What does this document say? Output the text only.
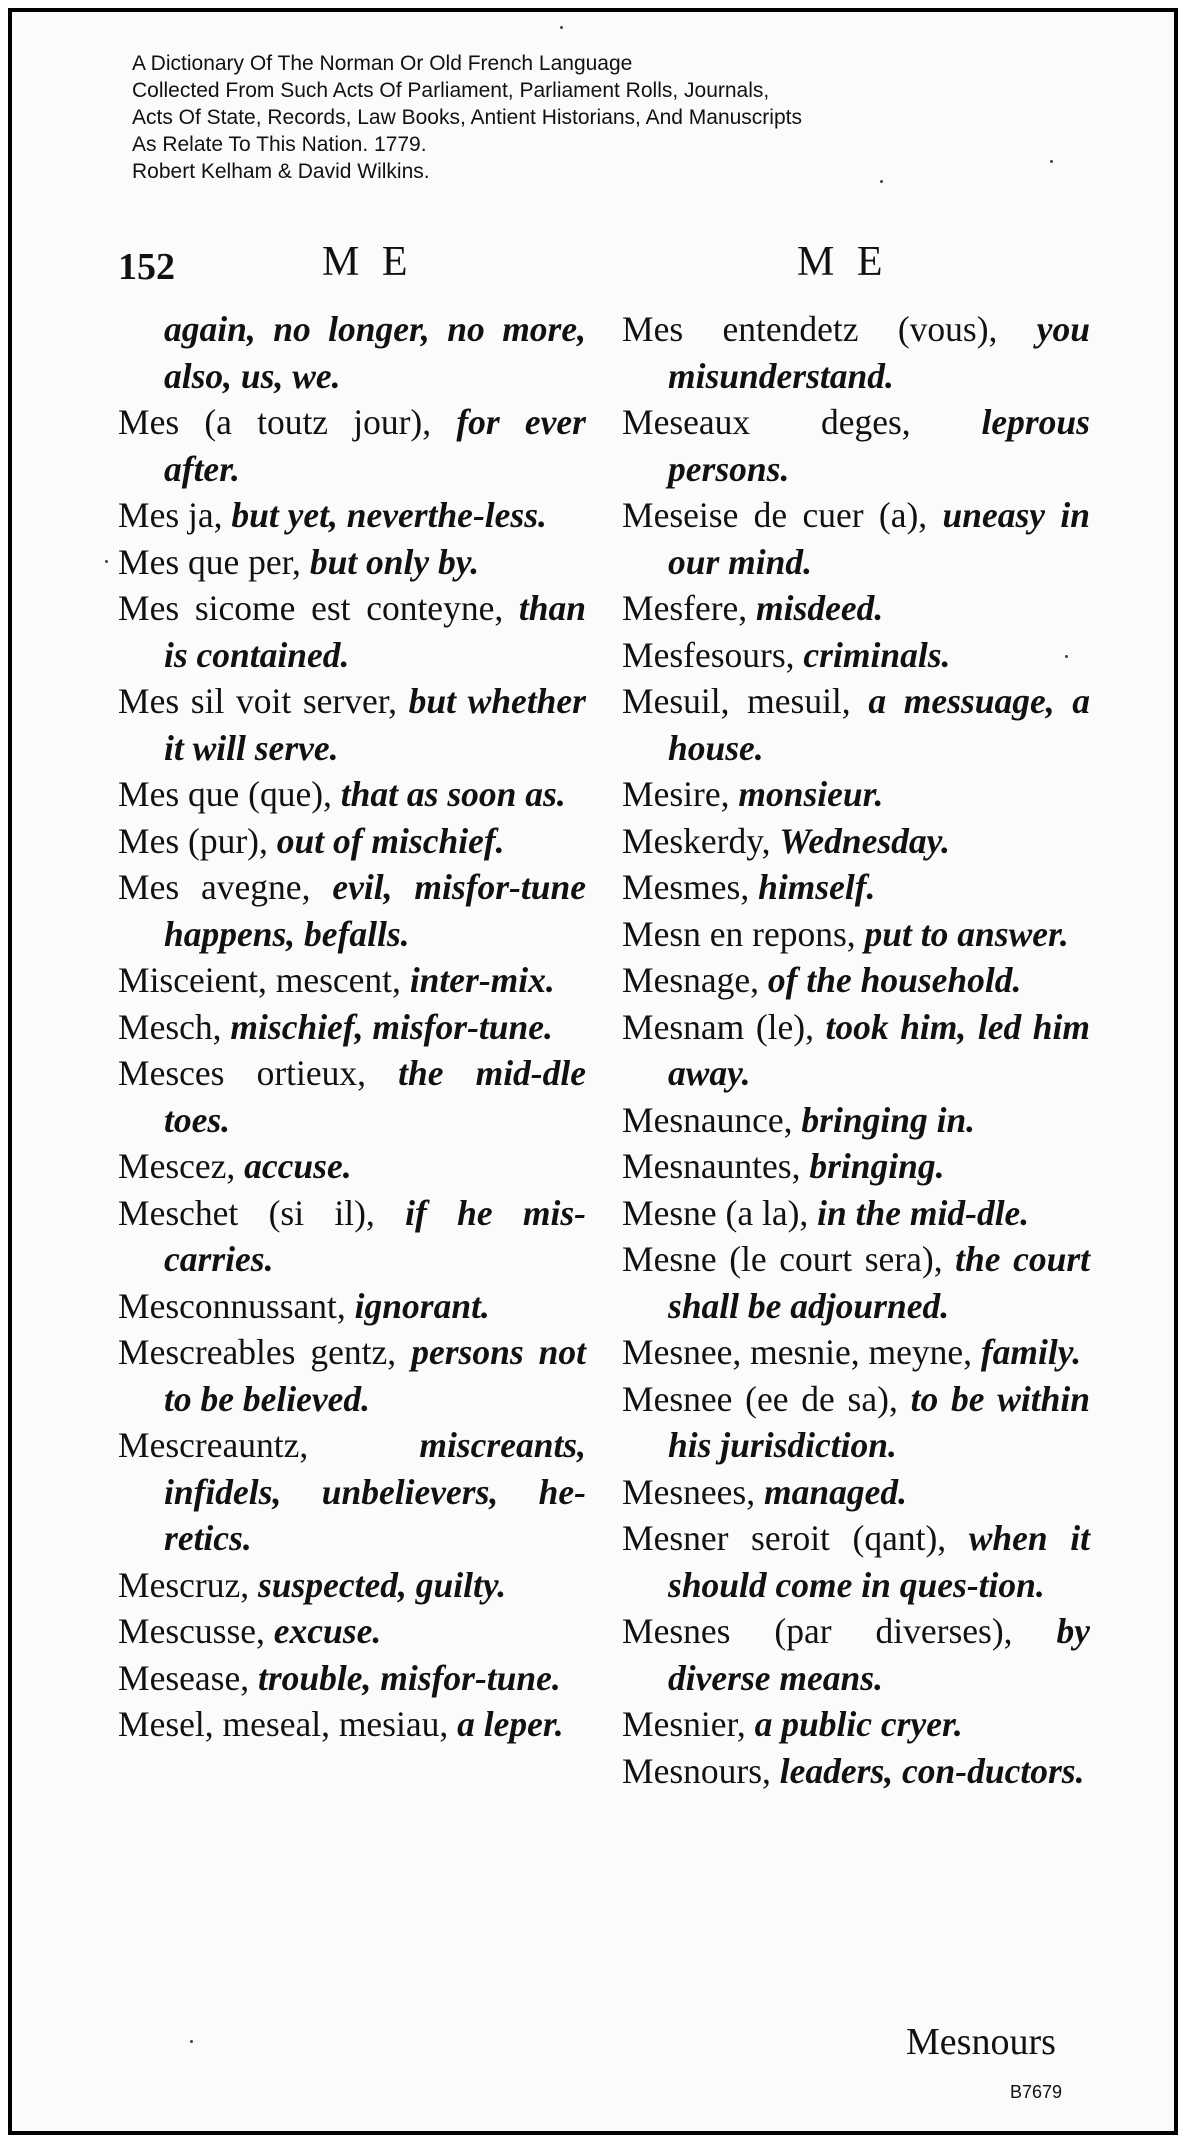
A Dictionary Of The Norman Or Old French Language
Collected From Such Acts Of Parliament, Parliament Rolls, Journals,
Acts Of State, Records, Law Books, Antient Historians, And Manuscripts
As Relate To This Nation. 1779.
Robert Kelham & David Wilkins.
152	M E	M E
again, no longer, no more, also, us, we.
Mes (a toutz jour), for ever after.
Mes ja, but yet, neverthe-less.
Mes que per, but only by.
Mes sicome est conteyne, than is contained.
Mes sil voit server, but whether it will serve.
Mes que (que), that as soon as.
Mes (pur), out of mischief.
Mes avegne, evil, misfor-tune happens, befalls.
Misceient, mescent, inter-mix.
Mesch, mischief, misfor-tune.
Mesces ortieux, the mid-dle toes.
Mescez, accuse.
Meschet (si il), if he mis-carries.
Mesconnussant, ignorant.
Mescreables gentz, persons not to be believed.
Mescreauntz, miscreants, infidels, unbelievers, he-retics.
Mescruz, suspected, guilty.
Mescusse, excuse.
Mesease, trouble, misfor-tune.
Mesel, meseal, mesiau, a leper.
Mes entendetz (vous), you misunderstand.
Meseaux deges, leprous persons.
Meseise de cuer (a), uneasy in our mind.
Mesfere, misdeed.
Mesfesours, criminals.
Mesuil, mesuil, a messuage, a house.
Mesire, monsieur.
Meskerdy, Wednesday.
Mesmes, himself.
Mesn en repons, put to answer.
Mesnage, of the household.
Mesnam (le), took him, led him away.
Mesnaunce, bringing in.
Mesnauntes, bringing.
Mesne (a la), in the mid-dle.
Mesne (le court sera), the court shall be adjourned.
Mesnee, mesnie, meyne, family.
Mesnee (ee de sa), to be within his jurisdiction.
Mesnees, managed.
Mesner seroit (qant), when it should come in ques-tion.
Mesnes (par diverses), by diverse means.
Mesnier, a public cryer.
Mesnours, leaders, con-ductors.
Mesnours
B7679
